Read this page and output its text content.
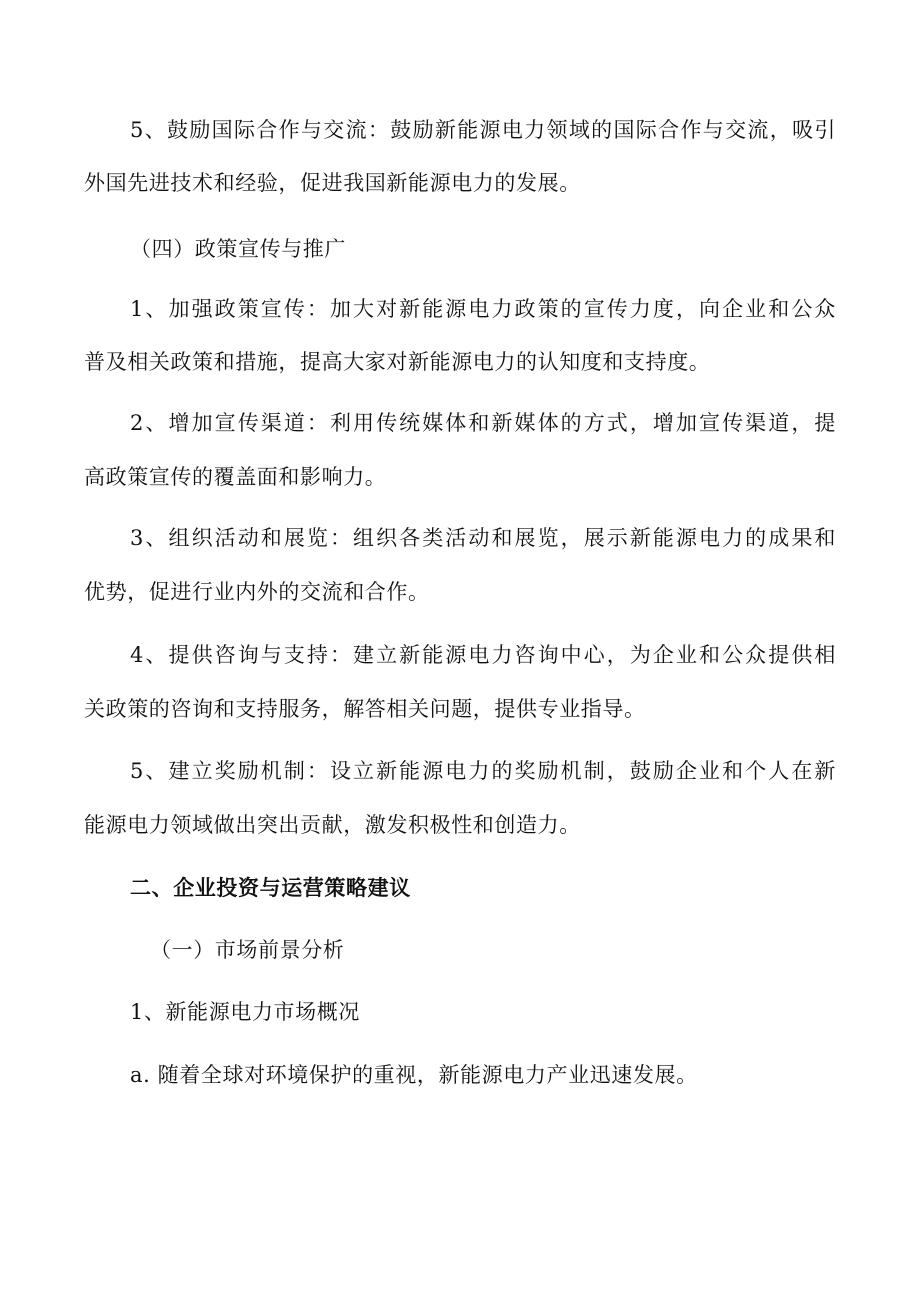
5、鼓励国际合作与交流：鼓励新能源电力领域的国际合作与交流，吸引
外国先进技术和经验，促进我国新能源电力的发展。
（四）政策宣传与推广
1、加强政策宣传：加大对新能源电力政策的宣传力度，向企业和公众
普及相关政策和措施，提高大家对新能源电力的认知度和支持度。
2、增加宣传渠道：利用传统媒体和新媒体的方式，增加宣传渠道，提
高政策宣传的覆盖面和影响力。
3、组织活动和展览：组织各类活动和展览，展示新能源电力的成果和
优势，促进行业内外的交流和合作。
4、提供咨询与支持：建立新能源电力咨询中心，为企业和公众提供相
关政策的咨询和支持服务，解答相关问题，提供专业指导。
5、建立奖励机制：设立新能源电力的奖励机制，鼓励企业和个人在新
能源电力领域做出突出贡献，激发积极性和创造力。
二、企业投资与运营策略建议
（一）市场前景分析
1、新能源电力市场概况
a. 随着全球对环境保护的重视，新能源电力产业迅速发展。
